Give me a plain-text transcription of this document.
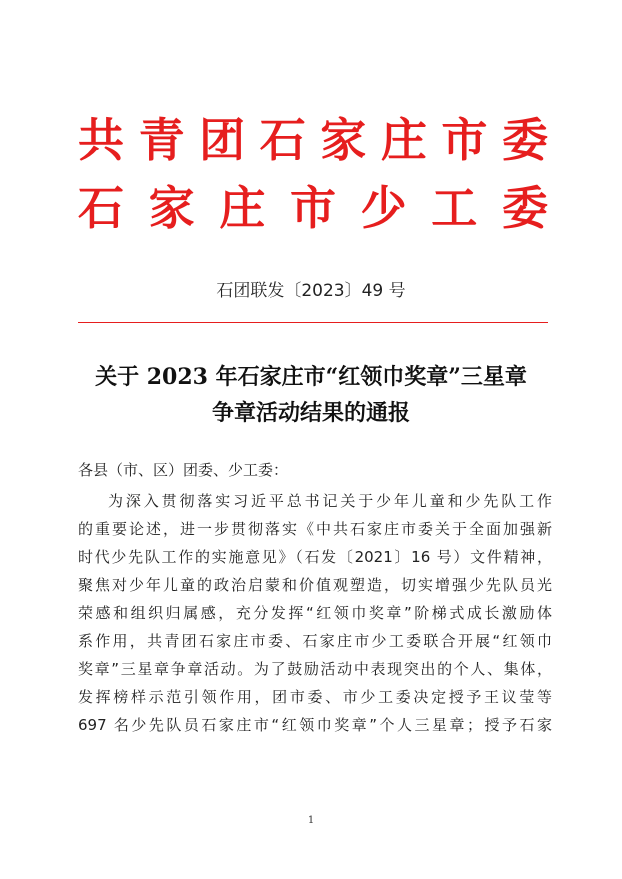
共 青 团 石 家 庄 市 委
石 家 庄 市 少 工 委
石团联发〔2023〕49 号
关于 2023 年石家庄市“红领巾奖章”三星章
争章活动结果的通报
各县（市、区）团委、少工委：
为深入贯彻落实习近平总书记关于少年儿童和少先队工作
的重要论述，进一步贯彻落实《中共石家庄市委关于全面加强新
时代少先队工作的实施意见》（石发〔2021〕16 号）文件精神，
聚焦对少年儿童的政治启蒙和价值观塑造，切实增强少先队员光
荣感和组织归属感，充分发挥“红领巾奖章”阶梯式成长激励体
系作用，共青团石家庄市委、石家庄市少工委联合开展“红领巾
奖章”三星章争章活动。为了鼓励活动中表现突出的个人、集体，
发挥榜样示范引领作用，团市委、市少工委决定授予王议莹等
697 名少先队员石家庄市“红领巾奖章”个人三星章；授予石家
1
